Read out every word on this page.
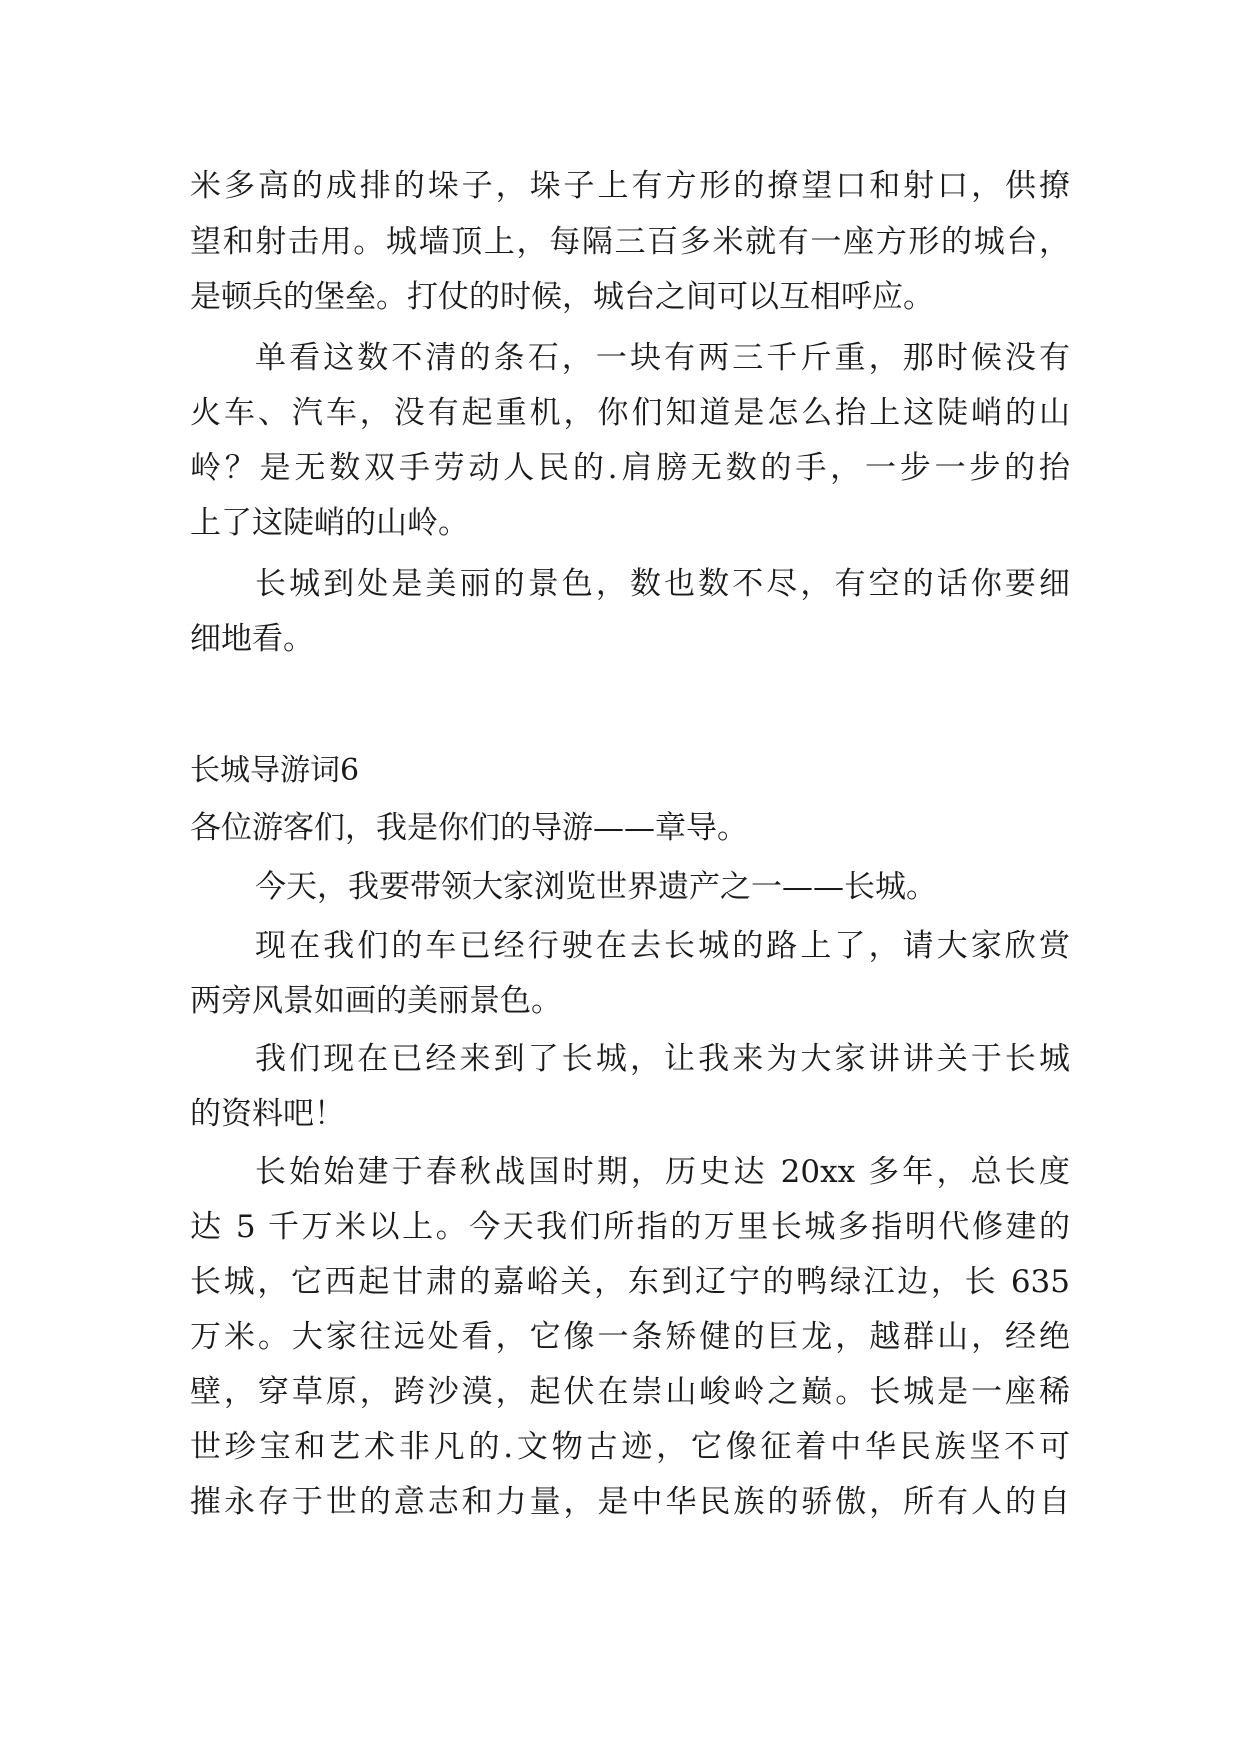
米多高的成排的垛子，垛子上有方形的撩望口和射口，供撩
望和射击用。城墙顶上，每隔三百多米就有一座方形的城台，
是顿兵的堡垒。打仗的时候，城台之间可以互相呼应。
单看这数不清的条石，一块有两三千斤重，那时候没有
火车、汽车，没有起重机，你们知道是怎么抬上这陡峭的山
岭？是无数双手劳动人民的.肩膀无数的手，一步一步的抬
上了这陡峭的山岭。
长城到处是美丽的景色，数也数不尽，有空的话你要细
细地看。
长城导游词6
各位游客们，我是你们的导游——章导。
今天，我要带领大家浏览世界遗产之一——长城。
现在我们的车已经行驶在去长城的路上了，请大家欣赏
两旁风景如画的美丽景色。
我们现在已经来到了长城，让我来为大家讲讲关于长城
的资料吧！
长始始建于春秋战国时期，历史达 20xx 多年，总长度
达 5 千万米以上。今天我们所指的万里长城多指明代修建的
长城，它西起甘肃的嘉峪关，东到辽宁的鸭绿江边，长 635
万米。大家往远处看，它像一条矫健的巨龙，越群山，经绝
壁，穿草原，跨沙漠，起伏在崇山峻岭之巅。长城是一座稀
世珍宝和艺术非凡的.文物古迹，它像征着中华民族坚不可
摧永存于世的意志和力量，是中华民族的骄傲，所有人的自
